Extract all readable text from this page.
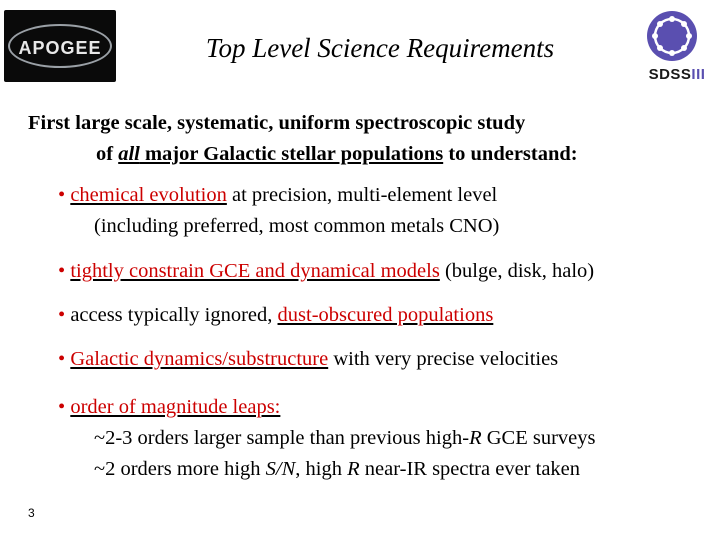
APOGEE
SDSSIII
Top Level Science Requirements
First large scale, systematic, uniform spectroscopic study
of all major Galactic stellar populations to understand:
• chemical evolution at precision, multi-element level
(including preferred, most common metals CNO)
• tightly constrain GCE and dynamical models (bulge, disk, halo)
• access typically ignored, dust-obscured populations
• Galactic dynamics/substructure with very precise velocities
• order of magnitude leaps:
~2-3 orders larger sample than previous high-R GCE surveys
~2 orders more high S/N, high R near-IR spectra ever taken
3
